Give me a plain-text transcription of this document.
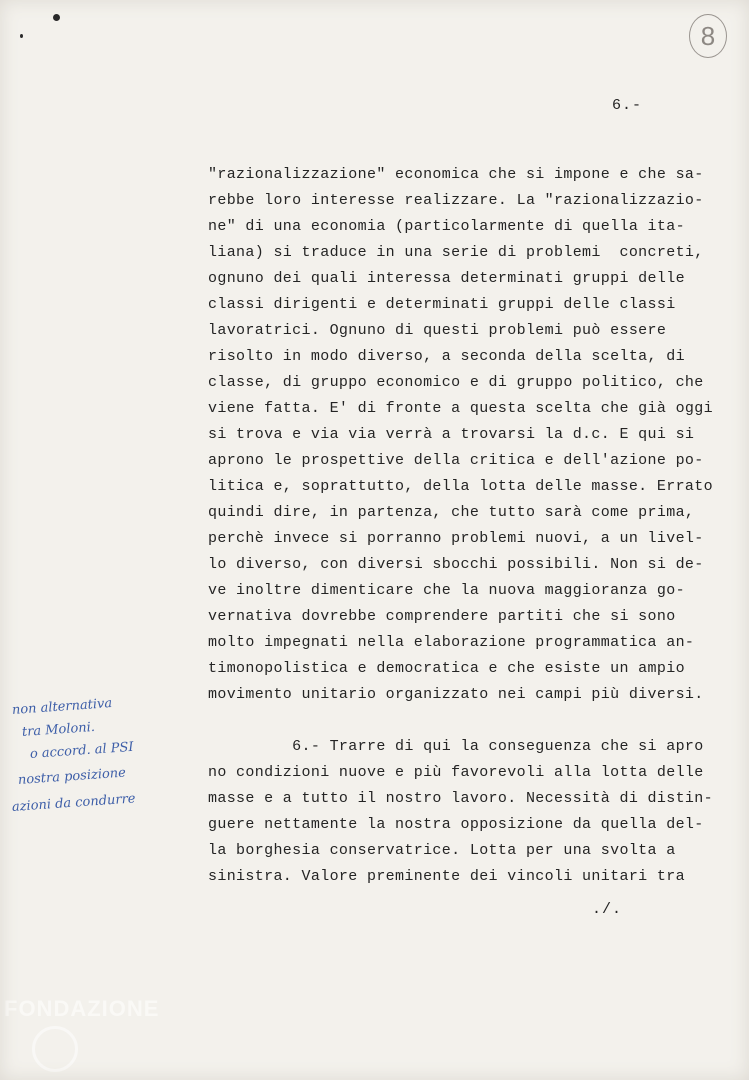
8
6.-
"razionalizzazione" economica che si impone e che sa-
rebbe loro interesse realizzare. La "razionalizzazio-
ne" di una economia (particolarmente di quella ita-
liana) si traduce in una serie di problemi  concreti,
ognuno dei quali interessa determinati gruppi delle
classi dirigenti e determinati gruppi delle classi
lavoratrici. Ognuno di questi problemi può essere
risolto in modo diverso, a seconda della scelta, di
classe, di gruppo economico e di gruppo politico, che
viene fatta. E' di fronte a questa scelta che già oggi
si trova e via via verrà a trovarsi la d.c. E qui si
aprono le prospettive della critica e dell'azione po-
litica e, soprattutto, della lotta delle masse. Errato
quindi dire, in partenza, che tutto sarà come prima,
perchè invece si porranno problemi nuovi, a un livel-
lo diverso, con diversi sbocchi possibili. Non si de-
ve inoltre dimenticare che la nuova maggioranza go-
vernativa dovrebbe comprendere partiti che si sono
molto impegnati nella elaborazione programmatica an-
timonopolistica e democratica e che esiste un ampio
movimento unitario organizzato nei campi più diversi.
6.- Trarre di qui la conseguenza che si apro
no condizioni nuove e più favorevoli alla lotta delle
masse e a tutto il nostro lavoro. Necessità di distin-
guere nettamente la nostra opposizione da quella del-
la borghesia conservatrice. Lotta per una svolta a
sinistra. Valore preminente dei vincoli unitari tra
non alternativa
tra Moloni.
o accord. al PSI
nostra posizione
azioni da condurre
./.
FONDAZIONE
